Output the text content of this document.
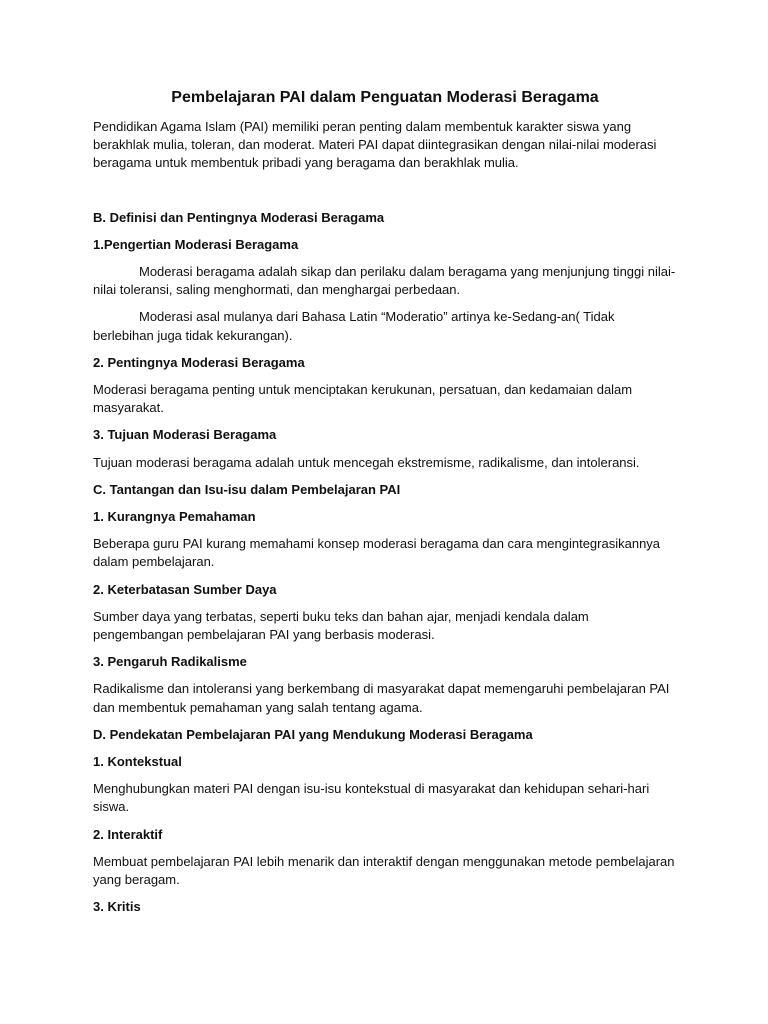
Pembelajaran PAI dalam Penguatan Moderasi Beragama

Pendidikan Agama Islam (PAI) memiliki peran penting dalam membentuk karakter siswa yang berakhlak mulia, toleran, dan moderat. Materi PAI dapat diintegrasikan dengan nilai-nilai moderasi beragama untuk membentuk pribadi yang beragama dan berakhlak mulia.

B. Definisi dan Pentingnya Moderasi Beragama

1.Pengertian Moderasi Beragama

Moderasi beragama adalah sikap dan perilaku dalam beragama yang menjunjung tinggi nilai-nilai toleransi, saling menghormati, dan menghargai perbedaan.

Moderasi asal mulanya dari Bahasa Latin “Moderatio” artinya ke-Sedang-an( Tidak berlebihan juga tidak kekurangan).

2. Pentingnya Moderasi Beragama

Moderasi beragama penting untuk menciptakan kerukunan, persatuan, dan kedamaian dalam masyarakat.

3. Tujuan Moderasi Beragama

Tujuan moderasi beragama adalah untuk mencegah ekstremisme, radikalisme, dan intoleransi.

C. Tantangan dan Isu-isu dalam Pembelajaran PAI

1. Kurangnya Pemahaman

Beberapa guru PAI kurang memahami konsep moderasi beragama dan cara mengintegrasikannya dalam pembelajaran.

2. Keterbatasan Sumber Daya

Sumber daya yang terbatas, seperti buku teks dan bahan ajar, menjadi kendala dalam pengembangan pembelajaran PAI yang berbasis moderasi.

3. Pengaruh Radikalisme

Radikalisme dan intoleransi yang berkembang di masyarakat dapat memengaruhi pembelajaran PAI dan membentuk pemahaman yang salah tentang agama.

D. Pendekatan Pembelajaran PAI yang Mendukung Moderasi Beragama

1. Kontekstual

Menghubungkan materi PAI dengan isu-isu kontekstual di masyarakat dan kehidupan sehari-hari siswa.

2. Interaktif

Membuat pembelajaran PAI lebih menarik dan interaktif dengan menggunakan metode pembelajaran yang beragam.

3. Kritis
